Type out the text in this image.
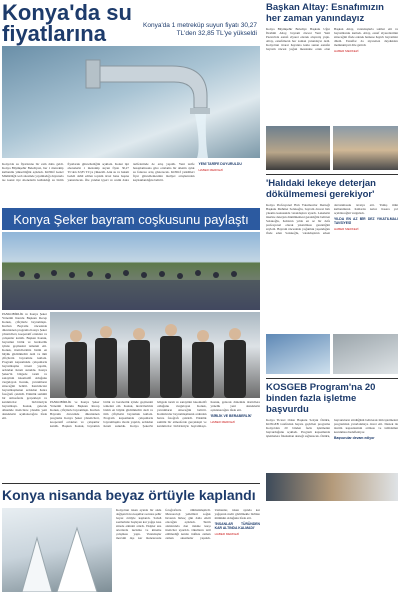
Konya'da su fiyatlarına	Konya'da 1 metreküp suyun fiyatı 30,27 TL'den 32,85 TL'ye yükseldi
Konya'da su fiyatlarına bir zam daha geldi. Konya Büyükşehir Belediyesi, her 1 metreküp kullanımı yükselttiğini açıkladı. KOSKİ Genel Müdürlüğü web sitesinde yayımladığı duyuruda ise konut tipi abonelerin kullandığı su birim fiyatlarını güncellediğini açıkladı. Konut tipi abonelerin 1 metreküp suyun fiyatı 30,27 TL'den 32,85 TL'ye yükseldi. Atık su ve bakım bedeli dahil edilen toplam ücret hane başına yansıtılacak. Öte yandan işyeri ve resmi daire tarifelerinde de artış yapıldı. Yeni tarife hesaplamasına göre ortalama bir ailenin aylık su faturası artış gösterecek. KOSKİ yetkilileri fiyat güncellemesinin maliyet artışlarından kaynaklandığını belirtti.
YENİ TARİFE DUYURULDU
HABER MERKEZİ
Konya Şeker bayram coşkusunu paylaştı
PANKOBİRLİK ve Konya Şeker Yönetim Kurulu Başkanı Recep Konuk, çiftçilerle bayramlaştı. Kurban Bayramı öncesinde düzenlenen programa Konya Şeker yöneticileri, kooperatif ortakları ve çalışanlar katıldı. Başkan Konuk, bayramın birlik ve beraberlik içinde geçmesini temenni etti. Konuk, üreticilerimiz bizim en büyük gücümüzdür dedi ve tüm çiftçilerin bayramını kutladı. Program kapsamında çalışanlarla bayramlaşma töreni yapıldı, ardından ikram sunuldu. Konya Şeker'in bölgede tarım ve sanayinin lokomotifi olduğunu vurgulayan Konuk, yatırımların süreceğini belirtti. Katılımcılar bayramlaşmanın ardından hatıra fotoğrafı çektirdi. Etkinlik samimi bir atmosferde gerçekleşti ve katılımcılar birbirleriyle bayramlaştı. Konuk, gelecek dönemde üreticilere yönelik yeni desteklerin açıklanacağını ifade etti.
PANKOBİRLİK ve Konya Şeker Yönetim Kurulu Başkanı Recep Konuk, çiftçilerle bayramlaştı. Kurban Bayramı öncesinde düzenlenen programa Konya Şeker yöneticileri, kooperatif ortakları ve çalışanlar katıldı. Başkan Konuk, bayramın birlik ve beraberlik içinde geçmesini temenni etti. Konuk, üreticilerimiz bizim en büyük gücümüzdür dedi ve tüm çiftçilerin bayramını kutladı. Program kapsamında çalışanlarla bayramlaşma töreni yapıldı, ardından ikram sunuldu. Konya Şeker'in bölgede tarım ve sanayinin lokomotifi olduğunu vurgulayan Konuk, yatırımların süreceğini belirtti. Katılımcılar bayramlaşmanın ardından hatıra fotoğrafı çektirdi. Etkinlik samimi bir atmosferde gerçekleşti ve katılımcılar birbirleriyle bayramlaştı. Konuk, gelecek dönemde üreticilere yönelik yeni desteklerin açıklanacağını ifade etti.
'BİRLİK VE BERABERLİK'
HABER MERKEZİ
Konya nisanda beyaz örtüyle kaplandı
Konya'nın nisan ayında bir anda değişen hava koşulları sonrası şehir beyaz örtüyle kaplandı. Sabah saatlerinde başlayan kar yağışı kısa sürede etkisini artırdı. Ekipler ana arterlerde tuzlama ve küreme çalışması yaptı. Vatandaşlar mevsim dışı kar manzarasını fotoğraflarla ölümsüzleştirdi. Meteoroloji yetkilileri soğuk havanın birkaç gün daha etkili olacağını açıkladı. Tarım alanlarında don riskine karşı üreticiler uyarıldı. Okulların tatil edilmediği kentte trafikte zaman zaman aksamalar yaşandı. Uzmanlar, nisan ayında kar yağışının nadir görülmekle birlikte mümkün olduğunu ifade etti.
'İNSANLAR TÜRÜNDEN KAR ALTINDA KALMADI'
HABER MERKEZİ
Başkan Altay: Esnafımızın her zaman yanındayız
Konya Büyükşehir Belediye Başkanı Uğur İbrahim Altay, bayram öncesi Yeni Yeni Pazarı'nda esnafı ziyaret ederek alışveriş yaptı. Altay, esnafımızın her zaman yanındayız dedi. Konya'nın ticaret hayatına katkı sunan esnafın bayram öncesi yoğun mesaisine ortak olan Başkan Altay, vatandaşlarla sohbet etti ve bayramlarını kutladı. Altay, esnaf ziyaretlerinin süreceğini ifade ederek herkese hayırlı bayramlar diledi. Esnaflar da ziyaretten duydukları memnuniyeti dile getirdi.
HABER MERKEZİ
'Halıdaki lekeye deterjan dökülmemesi gerekiyor'
Konya Profesyonel Halı Yıkamacılar Derneği Başkanı Mehmet Solakoğlu, bayram öncesi halı yıkama konusunda vatandaşları uyardı. Lekelerin üzerine deterjan dökülmemesi gerektiğini belirten Solakoğlu, halıların yılda en az bir defa profesyonel olarak yıkatılması gerektiğini söyledi. Bayram öncesinde yoğunluk yaşandığını ifade eden Solakoğlu, vatandaşların erken davranmasını tavsiye etti. Yanlış ürün kullanımının halılarda kalıcı hasara yol açabileceğini vurguladı.
YILDA EN AZ BİR DEZ YIKATILMALI TAVSİYESİ
HABER MERKEZİ
KOSGEB Program'na 20 binden fazla işletme başvurdu
Konya Ticaret Odası Başkanı Selçuk Öztürk, KOSGEB tarafından hayata geçirilen programa Konya'dan 20 binden fazla işletmenin başvurduğunu açıkladı. Program kapsamında işletmelere finansman desteği sağlanacak. Öztürk, başvuruların sürdüğünü belirterek tüm işletmeleri programdan yararlanmaya davet etti. Destek ile üretim kapasitesinin artması ve istihdamın korunması hedefleniyor.
Başvurular devam ediyor
